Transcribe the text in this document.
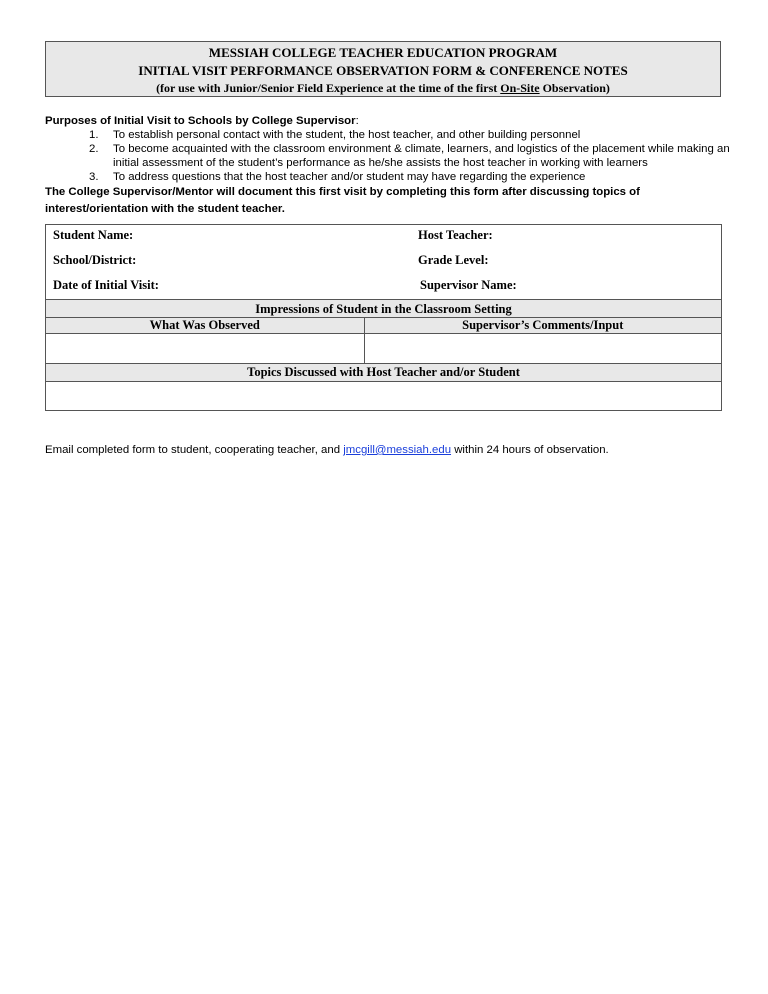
MESSIAH COLLEGE TEACHER EDUCATION PROGRAM
INITIAL VISIT PERFORMANCE OBSERVATION FORM & CONFERENCE NOTES
(for use with Junior/Senior Field Experience at the time of the first On-Site Observation)
Purposes of Initial Visit to Schools by College Supervisor:
1. To establish personal contact with the student, the host teacher, and other building personnel
2. To become acquainted with the classroom environment & climate, learners, and logistics of the placement while making an initial assessment of the student’s performance as he/she assists the host teacher in working with learners
3. To address questions that the host teacher and/or student may have regarding the experience
The College Supervisor/Mentor will document this first visit by completing this form after discussing topics of interest/orientation with the student teacher.
Student Name:	Host Teacher:
School/District:	Grade Level:
Date of Initial Visit:	Supervisor Name:
Impressions of Student in the Classroom Setting	
What Was Observed	Supervisor’s Comments/Input

Topics Discussed with Host Teacher and/or Student	

Email completed form to student, cooperating teacher, and jmcgill@messiah.edu within 24 hours of observation.
